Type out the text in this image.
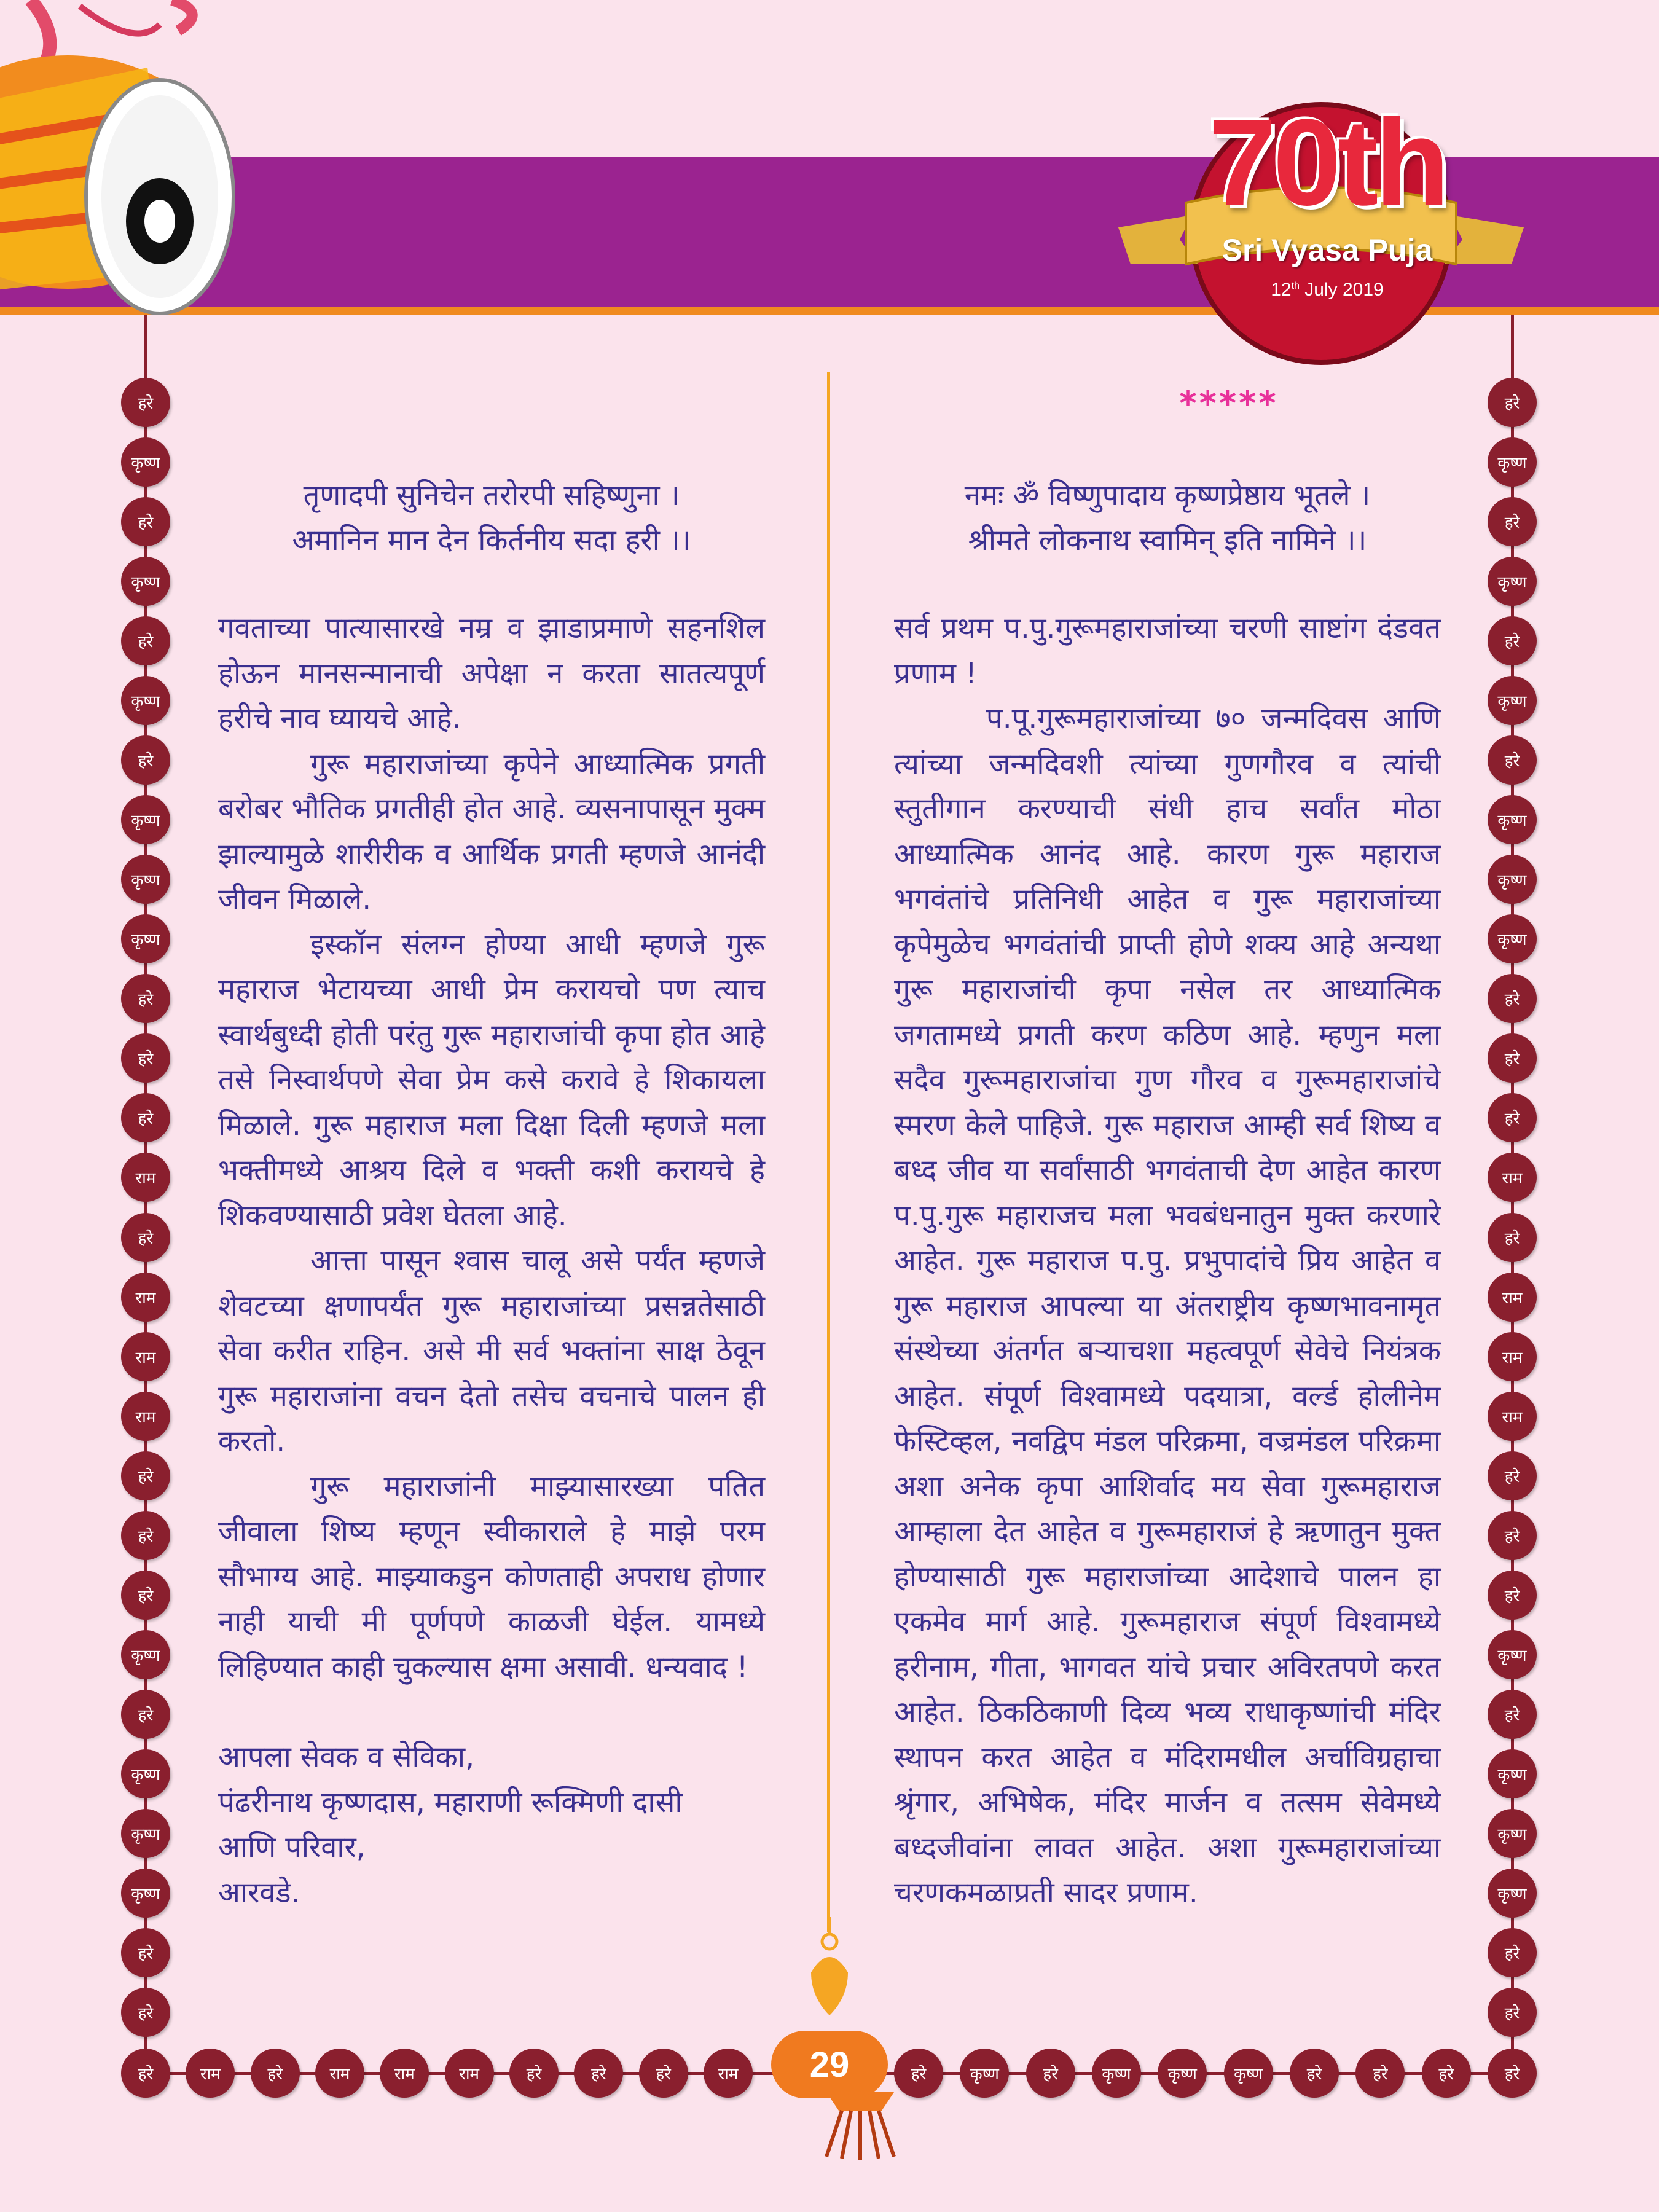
70th
Sri Vyasa Puja
12th July 2019
हरे
कृष्ण
हरे
कृष्ण
हरे
कृष्ण
हरे
कृष्ण
कृष्ण
कृष्ण
हरे
हरे
हरे
राम
हरे
राम
राम
राम
हरे
हरे
हरे
कृष्ण
हरे
कृष्ण
कृष्ण
कृष्ण
हरे
हरे
हरे
कृष्ण
हरे
कृष्ण
हरे
कृष्ण
हरे
कृष्ण
कृष्ण
कृष्ण
हरे
हरे
हरे
राम
हरे
राम
राम
राम
हरे
हरे
हरे
कृष्ण
हरे
कृष्ण
कृष्ण
कृष्ण
हरे
हरे
हरे	राम	हरे	राम	राम	राम	हरे	हरे	हरे	राम	हरे	कृष्ण	हरे	कृष्ण	कृष्ण	कृष्ण	हरे	हरे	हरे	हरे
29
*****
तृणादपी सुनिचेन तरोरपी सहिष्णुना ।
अमानिन मान देन किर्तनीय सदा हरी ।।

गवताच्या पात्यासारखे नम्र व झाडाप्रमाणे सहनशिल होऊन मानसन्मानाची अपेक्षा न करता सातत्यपूर्ण हरीचे नाव घ्यायचे आहे.

गुरू महाराजांच्या कृपेने आध्यात्मिक प्रगती बरोबर भौतिक प्रगतीही होत आहे. व्यसनापासून मुक्म झाल्यामुळे शारीरीक व आर्थिक प्रगती म्हणजे आनंदी जीवन मिळाले.

इस्कॉन संलग्न होण्या आधी म्हणजे गुरू महाराज भेटायच्या आधी प्रेम करायचो पण त्याच स्वार्थबुध्दी होती परंतु गुरू महाराजांची कृपा होत आहे तसे निस्वार्थपणे सेवा प्रेम कसे करावे हे शिकायला मिळाले. गुरू महाराज मला दिक्षा दिली म्हणजे मला भक्तीमध्ये आश्रय दिले व भक्ती कशी करायचे हे शिकवण्यासाठी प्रवेश घेतला आहे.

आत्ता पासून श्‍वास चालू असे पर्यंत म्हणजे शेवटच्या क्षणापर्यंत गुरू महाराजांच्या प्रसन्नतेसाठी सेवा करीत राहिन. असे मी सर्व भक्तांना साक्ष ठेवून गुरू महाराजांना वचन देतो तसेच वचनाचे पालन ही करतो.

गुरू महाराजांनी माझ्यासारख्या पतित जीवाला शिष्य म्हणून स्वीकाराले हे माझे परम सौभाग्य आहे. माझ्याकडुन कोणताही अपराध होणार नाही याची मी पूर्णपणे काळजी घेईल. यामध्ये लिहिण्यात काही चुकल्यास क्षमा असावी. धन्यवाद !

आपला सेवक व सेविका,
पंढरीनाथ कृष्णदास, महाराणी रूक्मिणी दासी
आणि परिवार,
आरवडे.
नमः ॐ विष्णुपादाय कृष्णप्रेष्ठाय भूतले ।
श्रीमते लोकनाथ स्वामिन् इति नामिने ।।

सर्व प्रथम प.पु.गुरूमहाराजांच्या चरणी साष्टांग दंडवत प्रणाम !

प.पू.गुरूमहाराजांच्या ७० जन्मदिवस आणि त्यांच्या जन्मदिवशी त्यांच्या गुणगौरव व त्यांची स्तुतीगान करण्याची संधी हाच सर्वांत मोठा आध्यात्मिक आनंद आहे. कारण गुरू महाराज भगवंतांचे प्रतिनिधी आहेत व गुरू महाराजांच्या कृपेमुळेच भगवंतांची प्राप्ती होणे शक्य आहे अन्यथा गुरू महाराजांची कृपा नसेल तर आध्यात्मिक जगतामध्ये प्रगती करण कठिण आहे. म्हणुन मला सदैव गुरूमहाराजांचा गुण गौरव व गुरूमहाराजांचे स्मरण केले पाहिजे. गुरू महाराज आम्ही सर्व शिष्य व बध्द जीव या सर्वांसाठी भगवंताची देण आहेत कारण प.पु.गुरू महाराजच मला भवबंधनातुन मुक्त करणारे आहेत. गुरू महाराज प.पु. प्रभुपादांचे प्रिय आहेत व गुरू महाराज आपल्या या अंतराष्ट्रीय कृष्णभावनामृत संस्थेच्या अंतर्गत बऱ्याचशा महत्वपूर्ण सेवेचे नियंत्रक आहेत. संपूर्ण विश्वामध्ये पदयात्रा, वर्ल्ड होलीनेम फेस्टिव्हल, नवद्विप मंडल परिक्रमा, वज्रमंडल परिक्रमा अशा अनेक कृपा आशिर्वाद मय सेवा गुरूमहाराज आम्हाला देत आहेत व गुरूमहाराजं हे ऋणातुन मुक्त होण्यासाठी गुरू महाराजांच्या आदेशाचे पालन हा एकमेव मार्ग आहे. गुरूमहाराज संपूर्ण विश्वामध्ये हरीनाम, गीता, भागवत यांचे प्रचार अविरतपणे करत आहेत. ठिकठिकाणी दिव्य भव्य राधाकृष्णांची मंदिर स्थापन करत आहेत व मंदिरामधील अर्चाविग्रहाचा श्रृंगार, अभिषेक, मंदिर मार्जन व तत्सम सेवेमध्ये बध्दजीवांना लावत आहेत. अशा गुरूमहाराजांच्या चरणकमळाप्रती सादर प्रणाम.
